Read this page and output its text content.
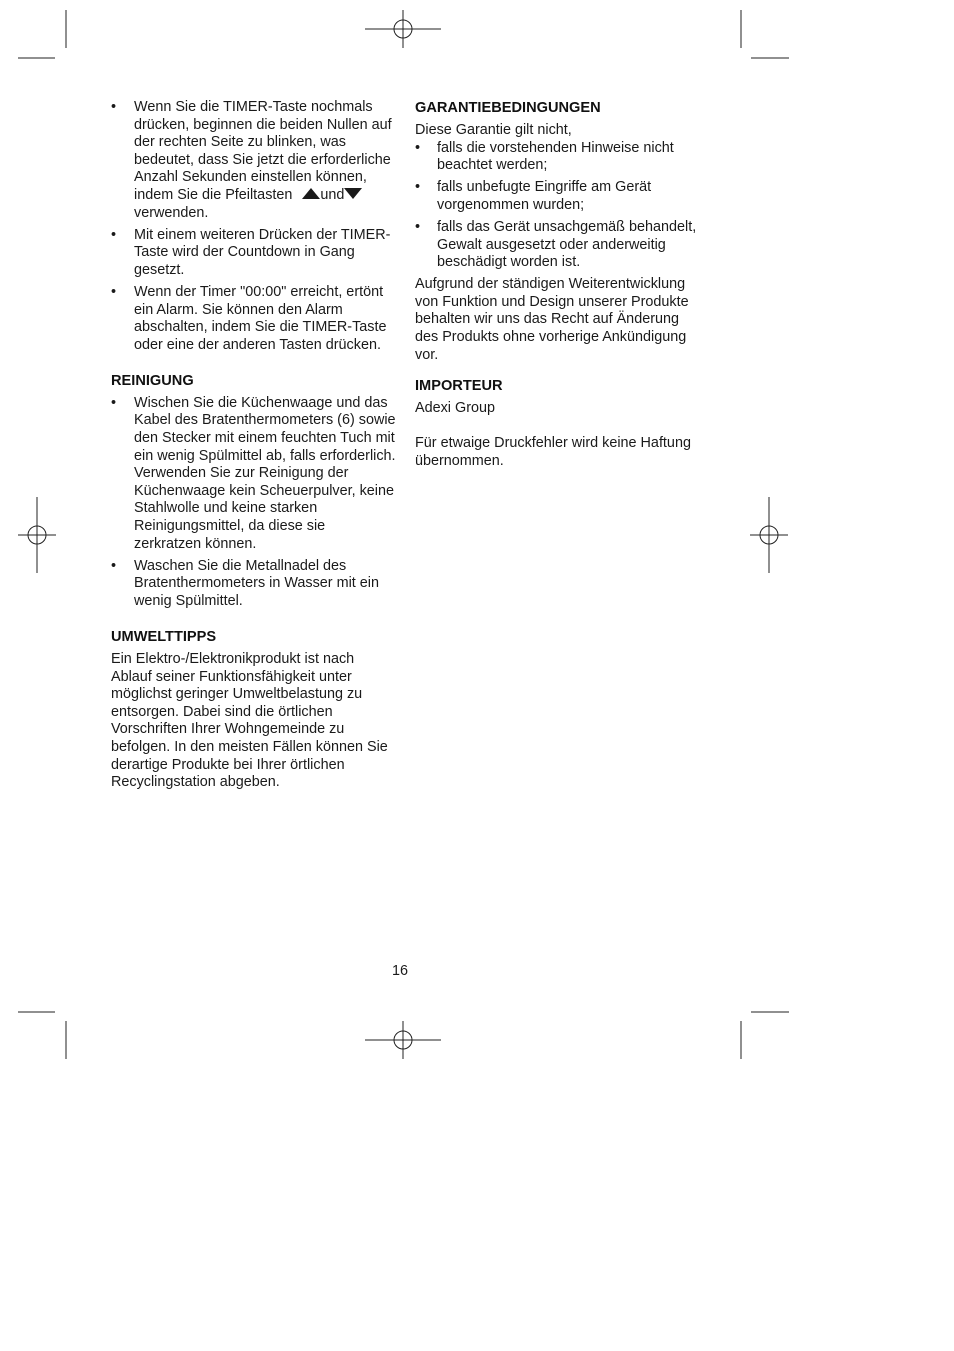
• Wenn Sie die TIMER-Taste nochmals drücken, beginnen die beiden Nullen auf der rechten Seite zu blinken, was bedeutet, dass Sie jetzt die erforderliche Anzahl Sekunden einstellen können, indem Sie die Pfeiltasten und verwenden.
• Mit einem weiteren Drücken der TIMER-Taste wird der Countdown in Gang gesetzt.
• Wenn der Timer "00:00" erreicht, ertönt ein Alarm. Sie können den Alarm abschalten, indem Sie die TIMER-Taste oder eine der anderen Tasten drücken.
REINIGUNG
• Wischen Sie die Küchenwaage und das Kabel des Bratenthermometers (6) sowie den Stecker mit einem feuchten Tuch mit ein wenig Spülmittel ab, falls erforderlich. Verwenden Sie zur Reinigung der Küchenwaage kein Scheuerpulver, keine Stahlwolle und keine starken Reinigungsmittel, da diese sie zerkratzen können.
• Waschen Sie die Metallnadel des Bratenthermometers in Wasser mit ein wenig Spülmittel.
UMWELTTIPPS

Ein Elektro-/Elektronikprodukt ist nach Ablauf seiner Funktionsfähigkeit unter möglichst geringer Umweltbelastung zu entsorgen. Dabei sind die örtlichen Vorschriften Ihrer Wohngemeinde zu befolgen. In den meisten Fällen können Sie derartige Produkte bei Ihrer örtlichen Recyclingstation abgeben.

GARANTIEBEDINGUNGEN

Diese Garantie gilt nicht,

• falls die vorstehenden Hinweise nicht beachtet werden;
• falls unbefugte Eingriffe am Gerät vorgenommen wurden;
• falls das Gerät unsachgemäß behandelt, Gewalt ausgesetzt oder anderweitig beschädigt worden ist.

Aufgrund der ständigen Weiterentwicklung von Funktion und Design unserer Produkte behalten wir uns das Recht auf Änderung des Produkts ohne vorherige Ankündigung vor.

IMPORTEUR

Adexi Group

Für etwaige Druckfehler wird keine Haftung übernommen.

16
